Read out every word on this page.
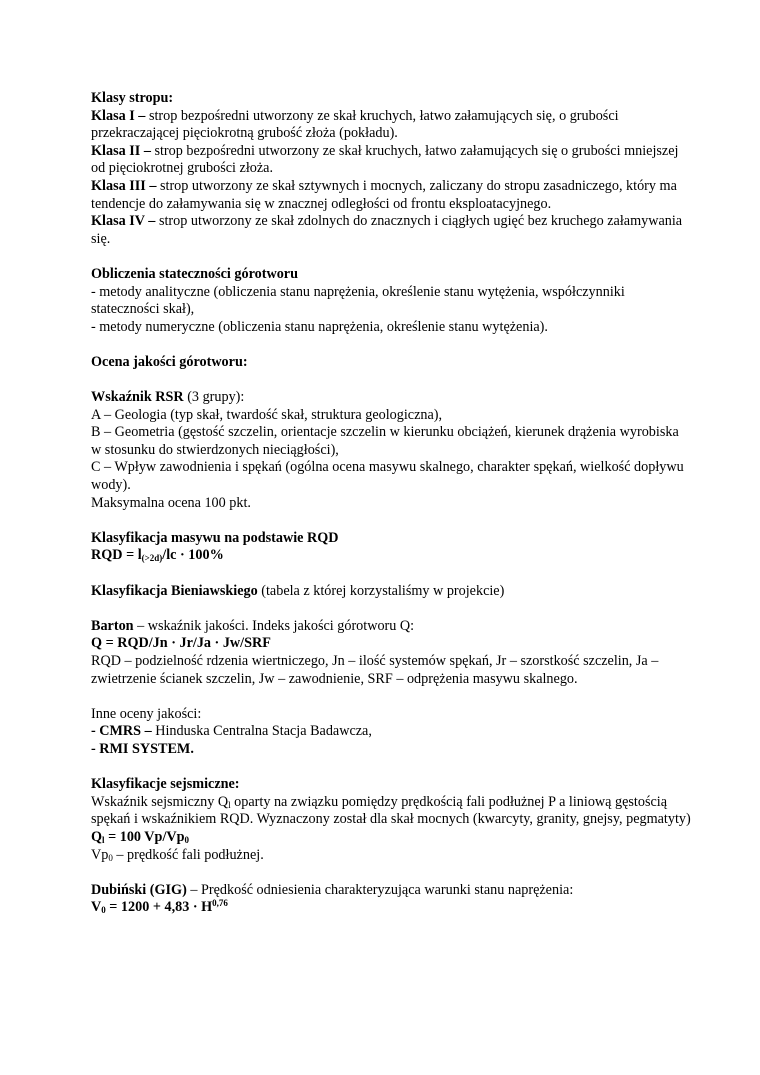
Klasy stropu:

Klasa I – strop bezpośredni utworzony ze skał kruchych, łatwo załamujących się, o grubości przekraczającej pięciokrotną grubość złoża (pokładu).

Klasa II – strop bezpośredni utworzony ze skał kruchych, łatwo załamujących się o grubości mniejszej od pięciokrotnej grubości złoża.

Klasa III – strop utworzony ze skał sztywnych i mocnych, zaliczany do stropu zasadniczego, który ma tendencje do załamywania się w znacznej odległości od frontu eksploatacyjnego.

Klasa IV – strop utworzony ze skał zdolnych do znacznych i ciągłych ugięć bez kruchego załamywania się.

Obliczenia stateczności górotworu

- metody analityczne (obliczenia stanu naprężenia, określenie stanu wytężenia, współczynniki stateczności skał),

- metody numeryczne (obliczenia stanu naprężenia, określenie stanu wytężenia).

Ocena jakości górotworu:

Wskaźnik RSR (3 grupy):

A – Geologia (typ skał, twardość skał, struktura geologiczna),

B – Geometria (gęstość szczelin, orientacje szczelin w kierunku obciążeń, kierunek drążenia wyrobiska w stosunku do stwierdzonych nieciągłości),

C – Wpływ zawodnienia i spękań (ogólna ocena masywu skalnego, charakter spękań, wielkość dopływu wody).

Maksymalna ocena 100 pkt.

Klasyfikacja masywu na podstawie RQD

RQD = $l_{(>2d)}/lc \cdot 100\%$

Klasyfikacja Bieniawskiego (tabela z której korzystaliśmy w projekcie)

Barton – wskaźnik jakości. Indeks jakości górotworu Q:

Q = RQD/Jn · Jr/Ja · Jw/SRF

RQD – podzielność rdzenia wiertniczego, Jn – ilość systemów spękań, Jr – szorstkość szczelin, Ja – zwietrzenie ścianek szczelin, Jw – zawodnienie, SRF – odprężenia masywu skalnego.

Inne oceny jakości:

- CMRS – Hinduska Centralna Stacja Badawcza,

- RMI SYSTEM.

Klasyfikacje sejsmiczne:

Wskaźnik sejsmiczny $Q_l$ oparty na związku pomiędzy prędkością fali podłużnej P a liniową gęstością spękań i wskaźnikiem RQD. Wyznaczony został dla skał mocnych (kwarcyty, granity, gnejsy, pegmatyty)

$Q_l = 100$ $Vp/Vp_0$

$Vp_0$ – prędkość fali podłużnej.

Dubiński (GIG) – Prędkość odniesienia charakteryzująca warunki stanu naprężenia:

$V_0 = 1200 + 4,83 \cdot H^{0,76}$
